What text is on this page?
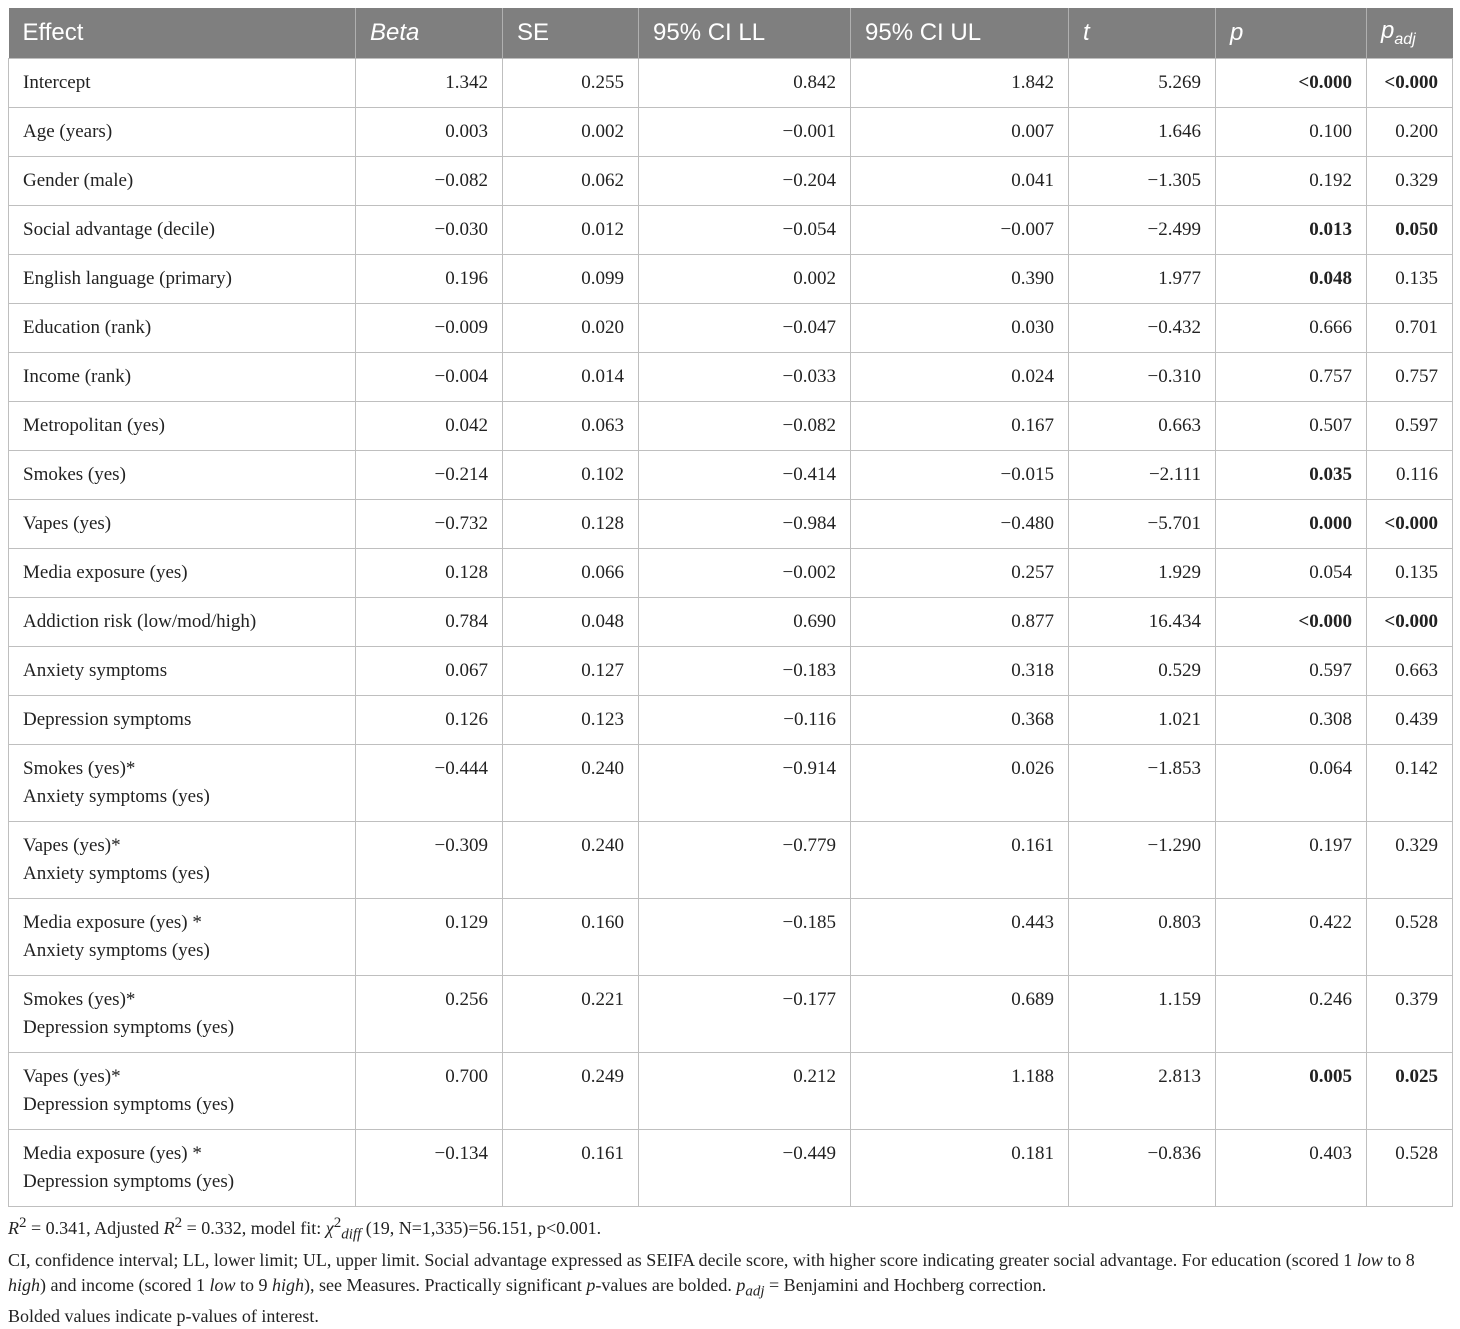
Effect	Beta	SE	95% CI LL	95% CI UL	t	p	$p_{adj}$
Intercept	1.342	0.255	0.842	1.842	5.269	<0.000	<0.000
Age (years)	0.003	0.002	−0.001	0.007	1.646	0.100	0.200
Gender (male)	−0.082	0.062	−0.204	0.041	−1.305	0.192	0.329
Social advantage (decile)	−0.030	0.012	−0.054	−0.007	−2.499	0.013	0.050
English language (primary)	0.196	0.099	0.002	0.390	1.977	0.048	0.135
Education (rank)	−0.009	0.020	−0.047	0.030	−0.432	0.666	0.701
Income (rank)	−0.004	0.014	−0.033	0.024	−0.310	0.757	0.757
Metropolitan (yes)	0.042	0.063	−0.082	0.167	0.663	0.507	0.597
Smokes (yes)	−0.214	0.102	−0.414	−0.015	−2.111	0.035	0.116
Vapes (yes)	−0.732	0.128	−0.984	−0.480	−5.701	0.000	<0.000
Media exposure (yes)	0.128	0.066	−0.002	0.257	1.929	0.054	0.135
Addiction risk (low/mod/high)	0.784	0.048	0.690	0.877	16.434	<0.000	<0.000
Anxiety symptoms	0.067	0.127	−0.183	0.318	0.529	0.597	0.663
Depression symptoms	0.126	0.123	−0.116	0.368	1.021	0.308	0.439
Smokes (yes)*
Anxiety symptoms (yes)	−0.444	0.240	−0.914	0.026	−1.853	0.064	0.142
Vapes (yes)*
Anxiety symptoms (yes)	−0.309	0.240	−0.779	0.161	−1.290	0.197	0.329
Media exposure (yes) *
Anxiety symptoms (yes)	0.129	0.160	−0.185	0.443	0.803	0.422	0.528
Smokes (yes)*
Depression symptoms (yes)	0.256	0.221	−0.177	0.689	1.159	0.246	0.379
Vapes (yes)*
Depression symptoms (yes)	0.700	0.249	0.212	1.188	2.813	0.005	0.025
Media exposure (yes) *
Depression symptoms (yes)	−0.134	0.161	−0.449	0.181	−0.836	0.403	0.528

$R^2 = 0.341$, Adjusted $R^2 = 0.332$, model fit: $\chi^2_{diff}$ (19, N=1,335)=56.151, p<0.001.

CI, confidence interval; LL, lower limit; UL, upper limit. Social advantage expressed as SEIFA decile score, with higher score indicating greater social advantage. For education (scored 1 low to 8 high) and income (scored 1 low to 9 high), see Measures. Practically significant p-values are bolded. $p_{adj}$ = Benjamini and Hochberg correction.

Bolded values indicate p-values of interest.
